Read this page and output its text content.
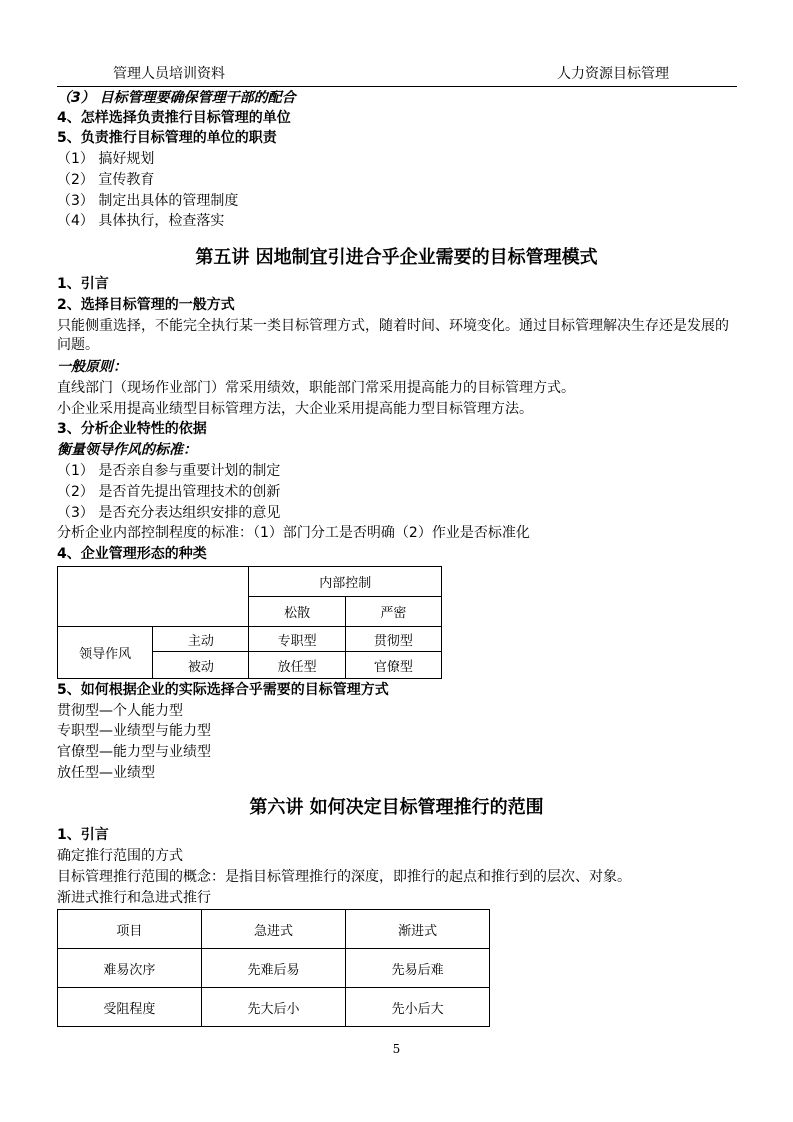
管理人员培训资料	人力资源目标管理
（3） 目标管理要确保管理干部的配合
4、怎样选择负责推行目标管理的单位
5、负责推行目标管理的单位的职责
（1） 搞好规划
（2） 宣传教育
（3） 制定出具体的管理制度
（4） 具体执行，检查落实
第五讲 因地制宜引进合乎企业需要的目标管理模式
1、引言
2、选择目标管理的一般方式
只能侧重选择，不能完全执行某一类目标管理方式，随着时间、环境变化。通过目标管理解决生存还是发展的问题。
一般原则：
直线部门（现场作业部门）常采用绩效，职能部门常采用提高能力的目标管理方式。
小企业采用提高业绩型目标管理方法，大企业采用提高能力型目标管理方法。
3、分析企业特性的依据
衡量领导作风的标准：
（1） 是否亲自参与重要计划的制定
（2） 是否首先提出管理技术的创新
（3） 是否充分表达组织安排的意见
分析企业内部控制程度的标准：（1）部门分工是否明确（2）作业是否标准化
4、企业管理形态的种类
		内部控制	
		松散	严密
领导作风	主动	专职型	贯彻型
	被动	放任型	官僚型
5、如何根据企业的实际选择合乎需要的目标管理方式
贯彻型—个人能力型
专职型—业绩型与能力型
官僚型—能力型与业绩型
放任型—业绩型
第六讲 如何决定目标管理推行的范围
1、引言
确定推行范围的方式
目标管理推行范围的概念：是指目标管理推行的深度，即推行的起点和推行到的层次、对象。
渐进式推行和急进式推行
项目	急进式	渐进式
难易次序	先难后易	先易后难
受阻程度	先大后小	先小后大
5
